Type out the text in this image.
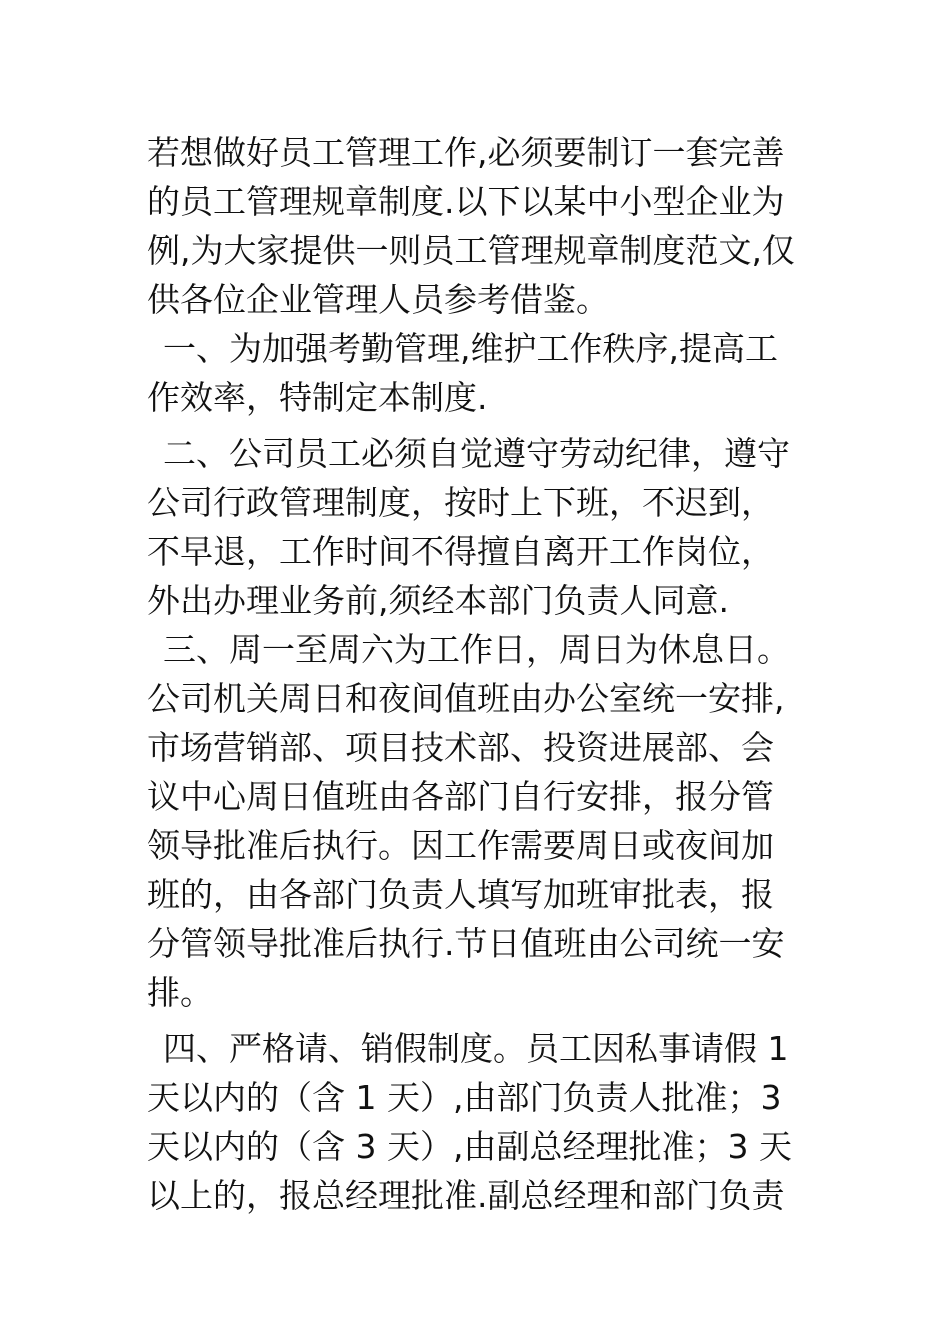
若想做好员工管理工作,必须要制订一套完善
的员工管理规章制度.以下以某中小型企业为
例,为大家提供一则员工管理规章制度范文,仅
供各位企业管理人员参考借鉴。
一、为加强考勤管理,维护工作秩序,提高工
作效率，特制定本制度.
二、公司员工必须自觉遵守劳动纪律，遵守
公司行政管理制度，按时上下班，不迟到，
不早退，工作时间不得擅自离开工作岗位，
外出办理业务前,须经本部门负责人同意.
三、周一至周六为工作日，周日为休息日。
公司机关周日和夜间值班由办公室统一安排,
市场营销部、项目技术部、投资进展部、会
议中心周日值班由各部门自行安排，报分管
领导批准后执行。因工作需要周日或夜间加
班的，由各部门负责人填写加班审批表，报
分管领导批准后执行.节日值班由公司统一安
排。
四、严格请、销假制度。员工因私事请假 1
天以内的（含 1 天）,由部门负责人批准；3
天以内的（含 3 天）,由副总经理批准；3 天
以上的，报总经理批准.副总经理和部门负责
